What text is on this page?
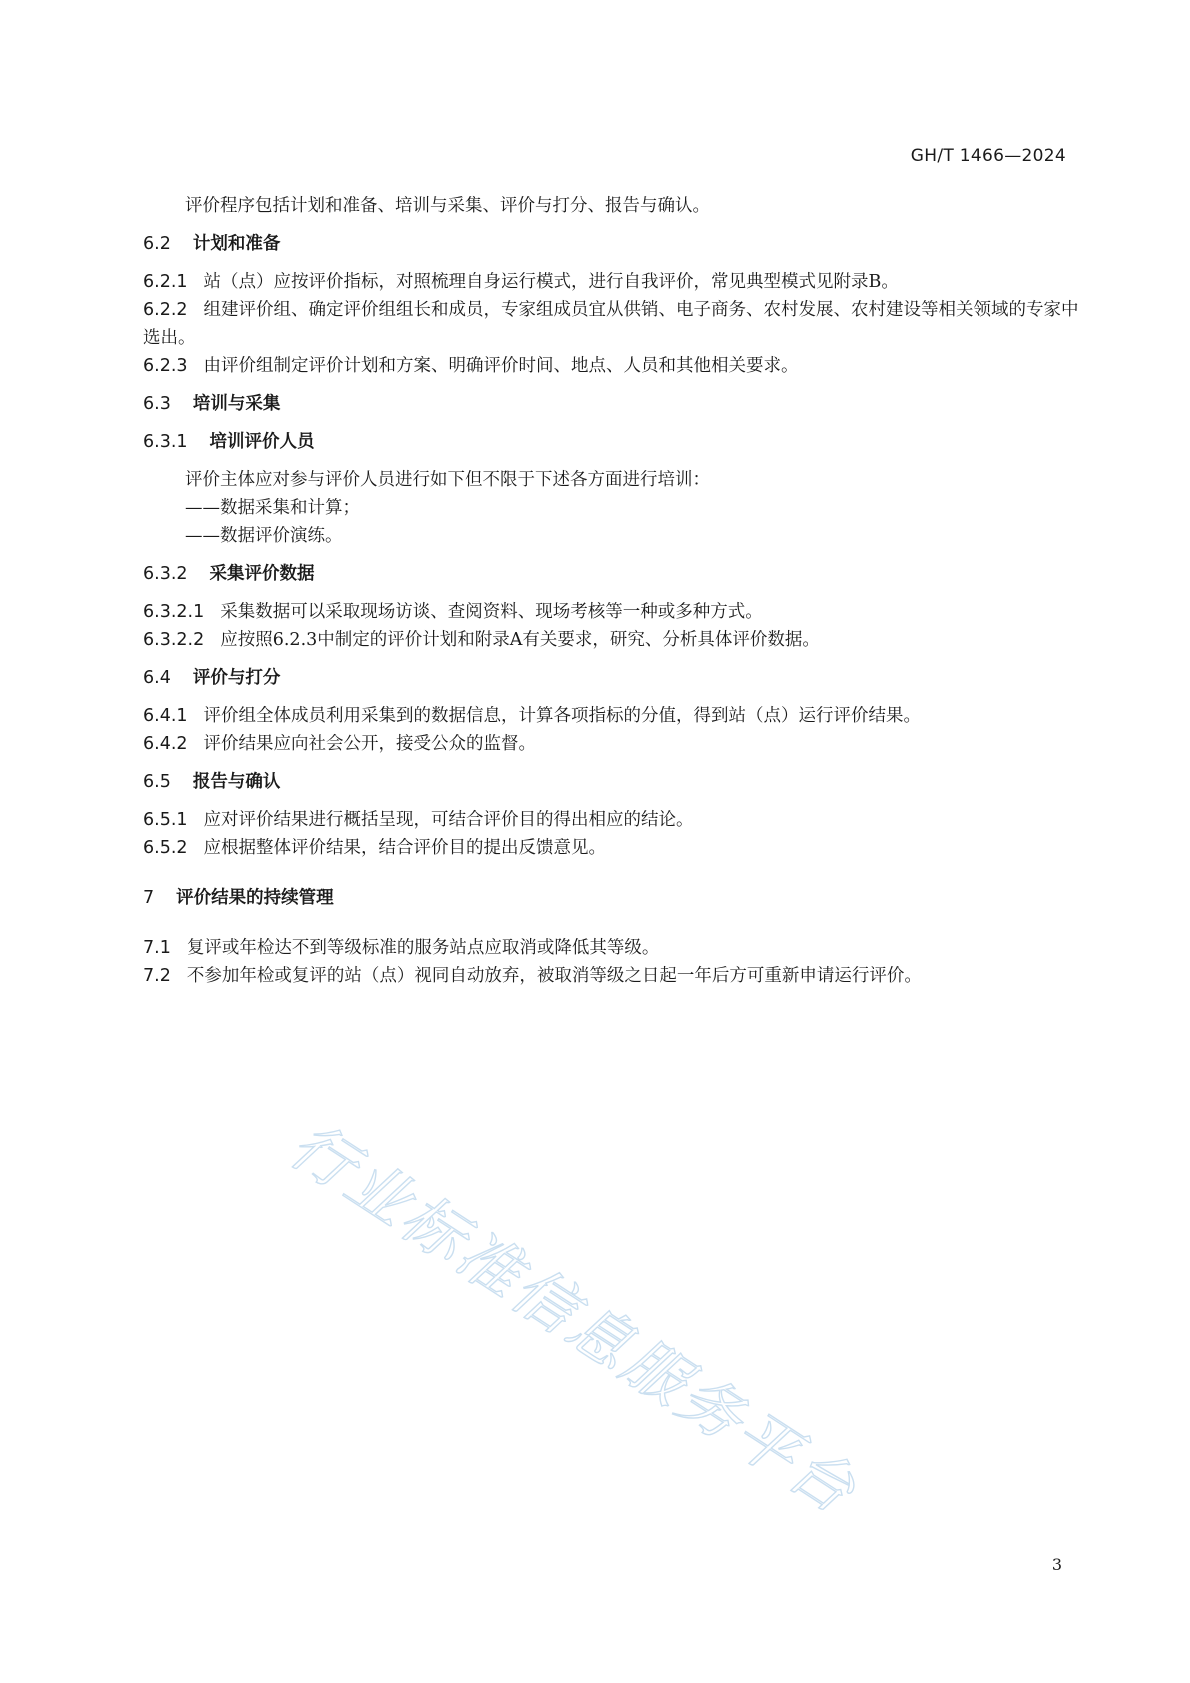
GH/T 1466—2024
行业标准信息服务平台

评价程序包括计划和准备、培训与采集、评价与打分、报告与确认。

6.2 计划和准备

6.2.1 站（点）应按评价指标，对照梳理自身运行模式，进行自我评价，常见典型模式见附录B。

6.2.2 组建评价组、确定评价组组长和成员，专家组成员宜从供销、电子商务、农村发展、农村建设等相关领域的专家中选出。

6.2.3 由评价组制定评价计划和方案、明确评价时间、地点、人员和其他相关要求。

6.3 培训与采集

6.3.1 培训评价人员

评价主体应对参与评价人员进行如下但不限于下述各方面进行培训：

——数据采集和计算；

——数据评价演练。

6.3.2 采集评价数据

6.3.2.1 采集数据可以采取现场访谈、查阅资料、现场考核等一种或多种方式。

6.3.2.2 应按照6.2.3中制定的评价计划和附录A有关要求，研究、分析具体评价数据。

6.4 评价与打分

6.4.1 评价组全体成员利用采集到的数据信息，计算各项指标的分值，得到站（点）运行评价结果。

6.4.2 评价结果应向社会公开，接受公众的监督。

6.5 报告与确认

6.5.1 应对评价结果进行概括呈现，可结合评价目的得出相应的结论。

6.5.2 应根据整体评价结果，结合评价目的提出反馈意见。

7 评价结果的持续管理

7.1 复评或年检达不到等级标准的服务站点应取消或降低其等级。

7.2 不参加年检或复评的站（点）视同自动放弃，被取消等级之日起一年后方可重新申请运行评价。

3
